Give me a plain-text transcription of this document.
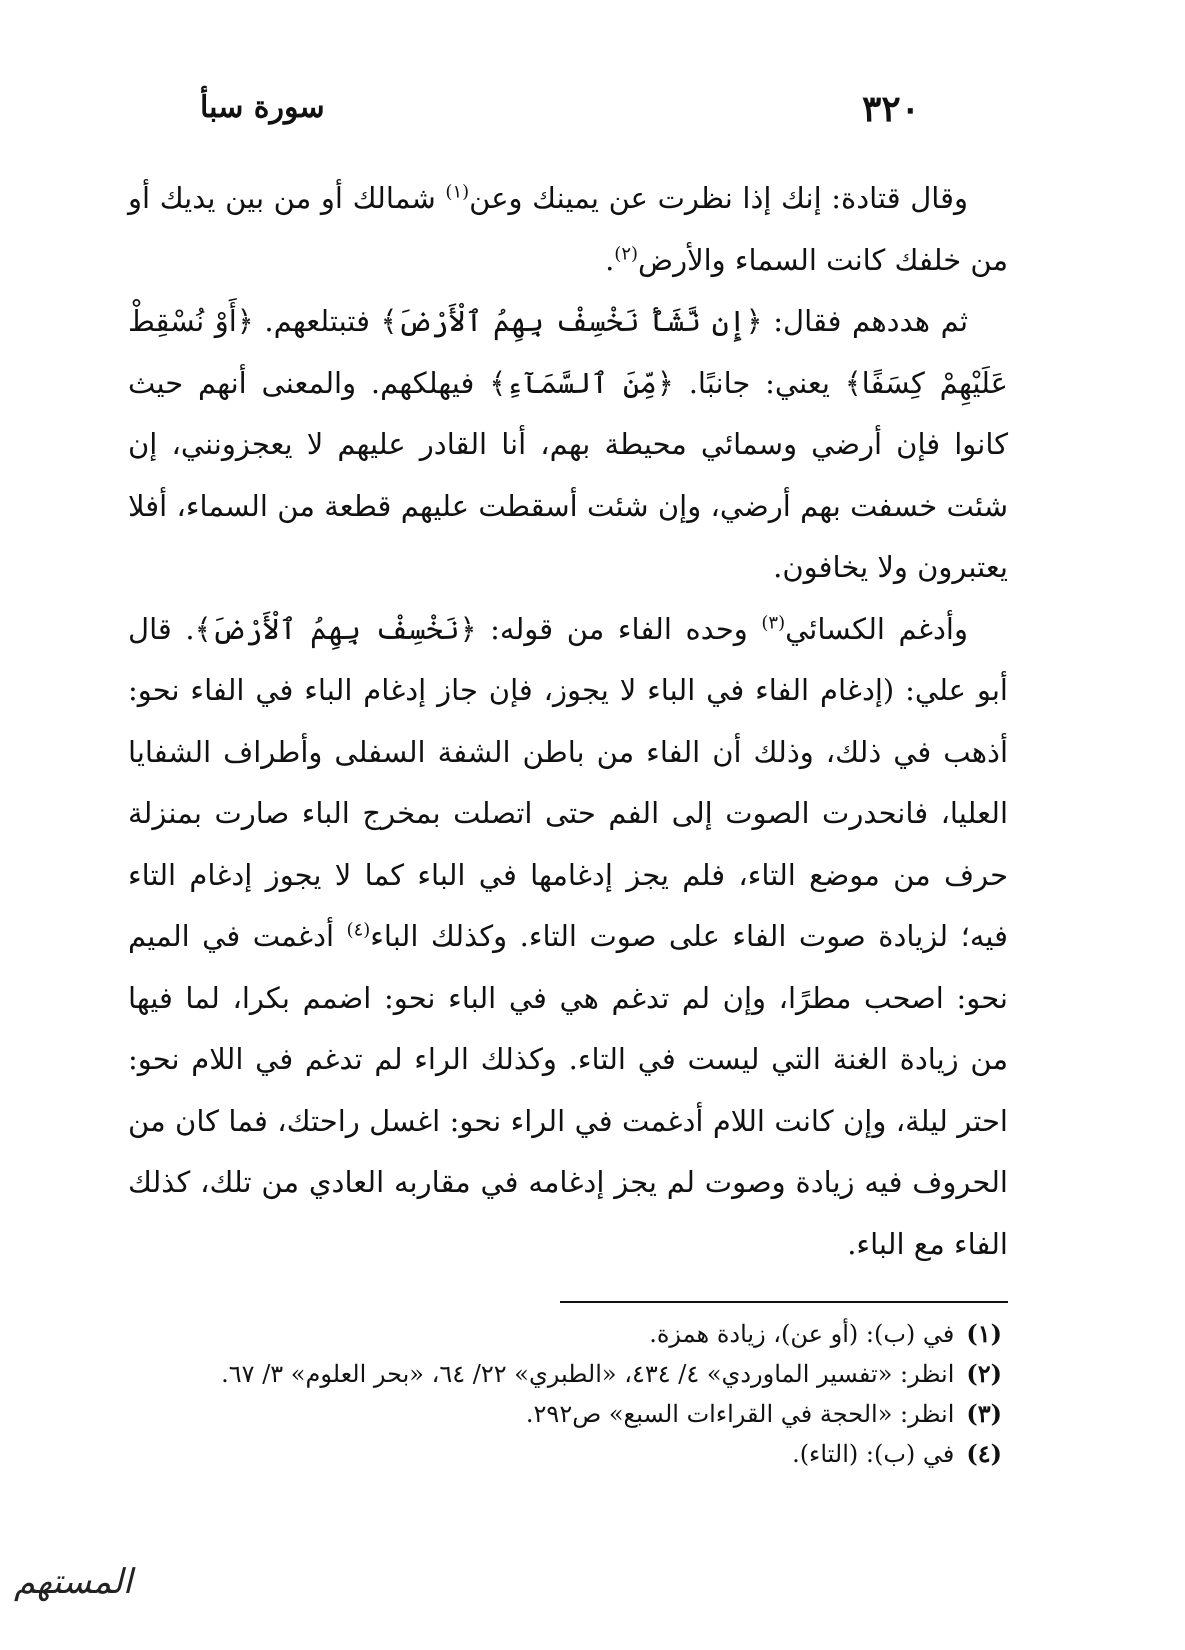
٣٢٠
سورة سبأ

وقال قتادة: إنك إذا نظرت عن يمينك وعن$^{(١)}$ شمالك أو من بين يديك أو من خلفك كانت السماء والأرض$^{(٢)}$.

ثم هددهم فقال: ﴿إِن نَّشَأْ نَخْسِفْ بِهِمُ ٱلْأَرْضَ﴾ فتبتلعهم. ﴿أَوْ نُسْقِطْ عَلَيْهِمْ كِسَفًا﴾ يعني: جانبًا. ﴿مِّنَ ٱلسَّمَآءِ﴾ فيهلكهم. والمعنى أنهم حيث كانوا فإن أرضي وسمائي محيطة بهم، أنا القادر عليهم لا يعجزونني، إن شئت خسفت بهم أرضي، وإن شئت أسقطت عليهم قطعة من السماء، أفلا يعتبرون ولا يخافون.

وأدغم الكسائي$^{(٣)}$ وحده الفاء من قوله: ﴿نَخْسِفْ بِهِمُ ٱلْأَرْضَ﴾. قال أبو علي: (إدغام الفاء في الباء لا يجوز، فإن جاز إدغام الباء في الفاء نحو: أذهب في ذلك، وذلك أن الفاء من باطن الشفة السفلى وأطراف الشفايا العليا، فانحدرت الصوت إلى الفم حتى اتصلت بمخرج الباء صارت بمنزلة حرف من موضع التاء، فلم يجز إدغامها في الباء كما لا يجوز إدغام التاء فيه؛ لزيادة صوت الفاء على صوت التاء. وكذلك الباء$^{(٤)}$ أدغمت في الميم نحو: اصحب مطرًا، وإن لم تدغم هي في الباء نحو: اضمم بكرا، لما فيها من زيادة الغنة التي ليست في التاء. وكذلك الراء لم تدغم في اللام نحو: احتر ليلة، وإن كانت اللام أدغمت في الراء نحو: اغسل راحتك، فما كان من الحروف فيه زيادة وصوت لم يجز إدغامه في مقاربه العادي من تلك، كذلك الفاء مع الباء.

(١)في (ب): (أو عن)، زيادة همزة.

(٢)انظر: «تفسير الماوردي» ٤/ ٤٣٤، «الطبري» ٢٢/ ٦٤، «بحر العلوم» ٣/ ٦٧.

(٣)انظر: «الحجة في القراءات السبع» ص٢٩٢.

(٤)في (ب): (التاء).

المستهم
